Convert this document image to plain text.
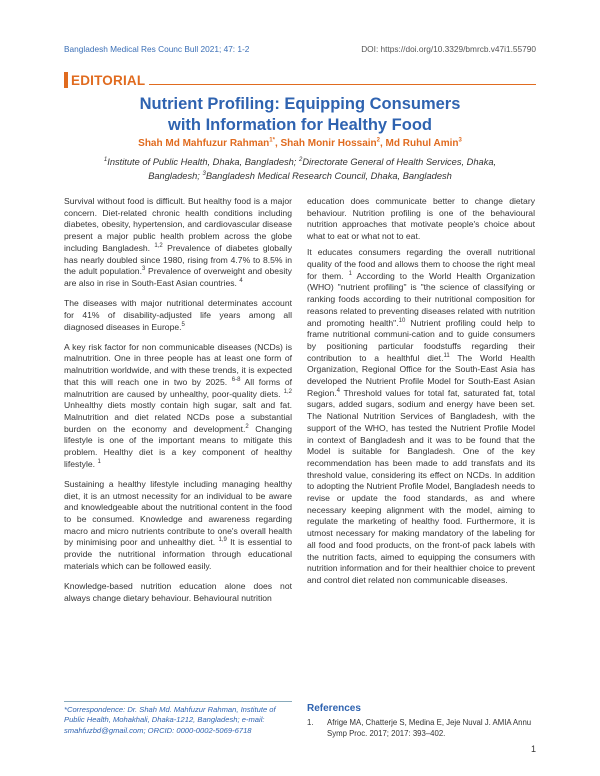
Bangladesh Medical Res Counc Bull 2021; 47: 1-2	DOI: https://doi.org/10.3329/bmrcb.v47i1.55790
EDITORIAL
Nutrient Profiling: Equipping Consumers
with Information for Healthy Food
Shah Md Mahfuzur Rahman$^{1*}$, Shah Monir Hossain$^2$, Md Ruhul Amin$^3$
$^1$Institute of Public Health, Dhaka, Bangladesh; $^2$Directorate General of Health Services, Dhaka, Bangladesh; $^3$Bangladesh Medical Research Council, Dhaka, Bangladesh

Survival without food is difficult. But healthy food is a major concern. Diet-related chronic health conditions including diabetes, obesity, hypertension, and cardiovascular disease present a major public health problem across the globe including Bangladesh. $^{1,2}$ Prevalence of diabetes globally has nearly doubled since 1980, rising from 4.7% to 8.5% in the adult population.$^3$ Prevalence of overweight and obesity are also in rise in South-East Asian countries. $^4$

The diseases with major nutritional determinates account for 41% of disability-adjusted life years among all diagnosed diseases in Europe.$^5$

A key risk factor for non communicable diseases (NCDs) is malnutrition. One in three people has at least one form of malnutrition worldwide, and with these trends, it is expected that this will reach one in two by 2025. $^{6-8}$ All forms of malnutrition are caused by unhealthy, poor-quality diets. $^{1,2}$ Unhealthy diets mostly contain high sugar, salt and fat. Malnutrition and diet related NCDs pose a substantial burden on the economy and development.$^2$ Changing lifestyle is one of the important means to mitigate this problem. Healthy diet is a key component of healthy lifestyle. $^1$

Sustaining a healthy lifestyle including managing healthy diet, it is an utmost necessity for an individual to be aware and knowledgeable about the nutritional content in the food to be consumed. Knowledge and awareness regarding macro and micro nutrients contribute to one's overall health by minimising poor and unhealthy diet. $^{1,9}$ It is essential to provide the nutritional information through educational materials which can be followed easily.

Knowledge-based nutrition education alone does not always change dietary behaviour. Behavioural nutrition

education does communicate better to change dietary behaviour. Nutrition profiling is one of the behavioural nutrition approaches that motivate people's choice about what to eat or what not to eat.

It educates consumers regarding the overall nutritional quality of the food and allows them to choose the right meal for them. $^1$ According to the World Health Organization (WHO) "nutrient profiling" is "the science of classifying or ranking foods according to their nutritional composition for reasons related to preventing diseases related with nutrition and promoting health".$^{10}$ Nutrient profiling could help to frame nutritional communi-cation and to guide consumers by positioning particular foodstuffs regarding their contribution to a healthful diet.$^{11}$ The World Health Organization, Regional Office for the South-East Asia has developed the Nutrient Profile Model for South-East Asian Region.$^4$ Threshold values for total fat, saturated fat, total sugars, added sugars, sodium and energy have been set. The National Nutrition Services of Bangladesh, with the support of the WHO, has tested the Nutrient Profile Model in context of Bangladesh and it was to be found that the Model is suitable for Bangladesh. One of the key recommendation has been made to add transfats and its threshold value, considering its effect on NCDs. In addition to adopting the Nutrient Profile Model, Bangladesh needs to revise or update the food standards, as and where necessary keeping alignment with the model, aiming to regulate the marketing of healthy food. Furthermore, it is utmost necessary for making mandatory of the labeling for all food and food products, on the front-of pack labels with the nutrition facts, aimed to equipping the consumers with nutrition information and for their healthier choice to prevent and control diet related non communicable diseases.

*Correspondence: Dr. Shah Md. Mahfuzur Rahman, Institute of Public Health, Mohakhali, Dhaka-1212, Bangladesh; e-mail: smahfuzbd@gmail.com; ORCID: 0000-0002-5069-6718
References
1.	Afrige MA, Chatterje S, Medina E, Jeje Nuval J. AMIA Annu Symp Proc. 2017; 2017: 393–402.
1
